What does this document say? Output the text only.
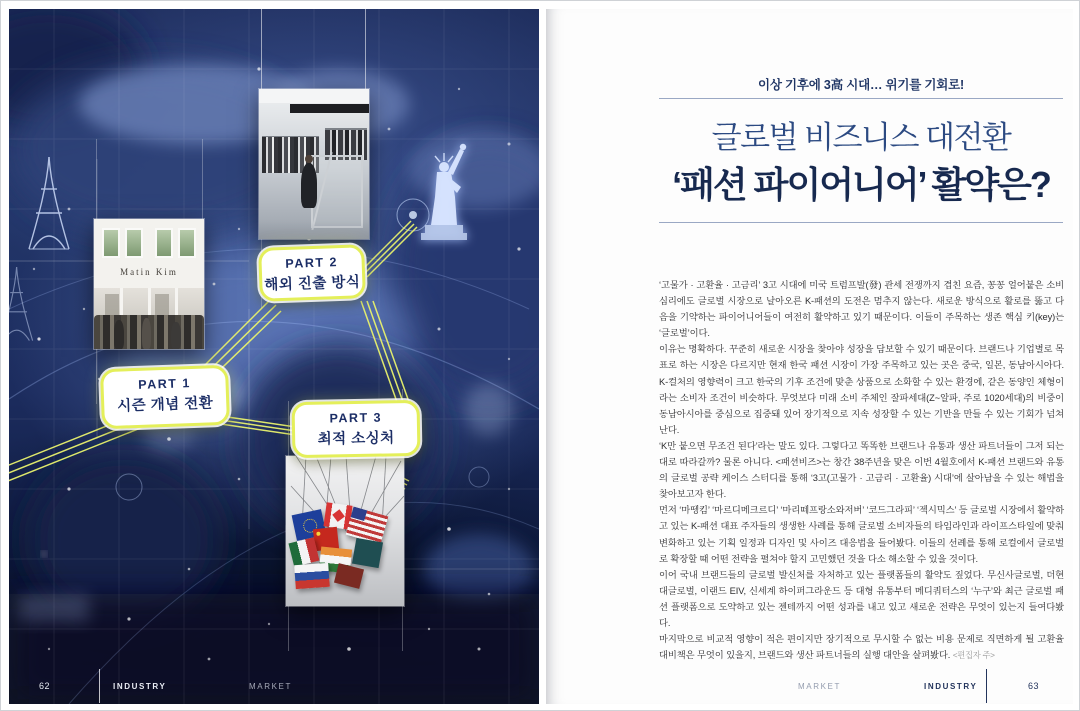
Matin Kim
PART 1
시즌 개념 전환
PART 2
해외 진출 방식
PART 3
최적 소싱처
62	INDUSTRY	MARKET
이상 기후에 3高 시대… 위기를 기회로!
글로벌 비즈니스 대전환
‘패션 파이어니어’ 활약은?

‘고물가 · 고환율 · 고금리’ 3고 시대에 미국 트럼프발(發) 관세 전쟁까지 겹친 요즘, 꽁꽁 얼어붙은 소비심리에도 글로벌 시장으로 날아오른 K-패션의 도전은 멈추지 않는다. 새로운 방식으로 활로를 뚫고 다음을 기약하는 파이어니어들이 여전히 활약하고 있기 때문이다. 이들이 주목하는 생존 핵심 키(key)는 ‘글로벌’이다.

이유는 명확하다. 꾸준히 새로운 시장을 찾아야 성장을 담보할 수 있기 때문이다. 브랜드나 기업별로 목표로 하는 시장은 다르지만 현재 한국 패션 시장이 가장 주목하고 있는 곳은 중국, 일본, 동남아시아다. K-컬처의 영향력이 크고 한국의 기후 조건에 맞춘 상품으로 소화할 수 있는 환경에, 같은 동양인 체형이라는 소비자 조건이 비슷하다. 무엇보다 미래 소비 주체인 잘파세대(Z~알파, 주로 1020세대)의 비중이 동남아시아를 중심으로 집중돼 있어 장기적으로 지속 성장할 수 있는 기반을 만들 수 있는 기회가 넘쳐난다.

‘K만 붙으면 무조건 된다’라는 말도 있다. 그렇다고 똑똑한 브랜드나 유통과 생산 파트너들이 그저 되는 대로 따라갈까? 물론 아니다. <패션비즈>는 창간 38주년을 맞은 이번 4월호에서 K-패션 브랜드와 유통의 글로벌 공략 케이스 스터디를 통해 ‘3고(고물가 · 고금리 · 고환율) 시대’에 살아남을 수 있는 해법을 찾아보고자 한다.

먼저 ‘마뗑킴’ ‘마르디메크르디’ ‘마리떼프랑소와저버’ ‘코드그라피’ ‘젝시믹스’ 등 글로벌 시장에서 활약하고 있는 K-패션 대표 주자들의 생생한 사례를 통해 글로벌 소비자들의 타임라인과 라이프스타일에 맞춰 변화하고 있는 기획 일정과 디자인 및 사이즈 대응법을 들어봤다. 이들의 선례를 통해 로컬에서 글로벌로 확장할 때 어떤 전략을 펼쳐야 할지 고민했던 것을 다소 해소할 수 있을 것이다.

이어 국내 브랜드들의 글로벌 발신처를 자처하고 있는 플랫폼들의 활약도 짚었다. 무신사글로벌, 더현대글로벌, 이랜드 EIV, 신세계 하이퍼그라운드 등 대형 유통부터 메디쿼터스의 ‘누구’와 최근 글로벌 패션 플랫폼으로 도약하고 있는 젠테까지 어떤 성과를 내고 있고 새로운 전략은 무엇이 있는지 들여다봤다.

마지막으로 비교적 영향이 적은 편이지만 장기적으로 무시할 수 없는 비용 문제로 직면하게 될 고환율 대비책은 무엇이 있을지, 브랜드와 생산 파트너들의 실행 대안을 살펴봤다. <편집자 주>

MARKET	INDUSTRY	63
